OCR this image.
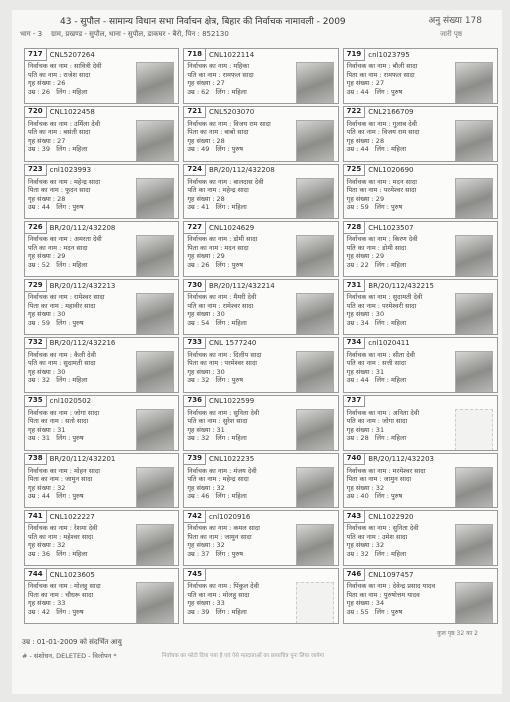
43 - सुपौल - सामान्य विधान सभा निर्वाचन क्षेत्र, बिहार की निर्वाचक नामावली - 2009	अनु संख्या 178
भाग - 3 ग्राम, प्रखण्ड - सुपौल, थाना - सुपौल, डाकघर - बैरो, पिन : 852130	जारी पृष्ठ
717	CNL5207264
निर्वाचक का नाम : सावित्री देवी
पति का नाम : राजेश सादा
गृह संख्या : 26
उम्र : 26 लिंग : महिला
718	CNL1022114
निर्वाचक का नाम : महिका
पति का नाम : रामफल सादा
गृह संख्या : 27
उम्र : 62 लिंग : महिला
719	cnl1023795
निर्वाचक का नाम : बौली सादा
पिता का नाम : रामफल सादा
गृह संख्या : 27
उम्र : 44 लिंग : पुरुष
720	CNL1022458
निर्वाचक का नाम : उर्मिला देवी
पति का नाम : बसंती सादा
गृह संख्या : 27
उम्र : 39 लिंग : महिला
721	CNL5203070
निर्वाचक का नाम : विजय राम सादा
पिता का नाम : बाबो सादा
गृह संख्या : 28
उम्र : 49 लिंग : पुरुष
722	CNL2166709
निर्वाचक का नाम : गुलाब देवी
पति का नाम : विजय राम सादा
गृह संख्या : 28
उम्र : 44 लिंग : महिला
723	cnl1023993
निर्वाचक का नाम : महेन्द्र सादा
पिता का नाम : फूदन सादा
गृह संख्या : 28
उम्र : 44 लिंग : पुरुष
724	BR/20/112/432208
निर्वाचक का नाम : बालदास देवी
पति का नाम : महेन्द्र सादा
गृह संख्या : 28
उम्र : 41 लिंग : महिला
725	CNL1020690
निर्वाचक का नाम : मदन सादा
पिता का नाम : परमेश्वर सादा
गृह संख्या : 29
उम्र : 59 लिंग : पुरुष
726	BR/20/112/432208
निर्वाचक का नाम : अमरता देवी
पति का नाम : मदन सादा
गृह संख्या : 29
उम्र : 52 लिंग : महिला
727	CNL1024629
निर्वाचक का नाम : डोमी सादा
पिता का नाम : मदन सादा
गृह संख्या : 29
उम्र : 26 लिंग : पुरुष
728	CHL1023507
निर्वाचक का नाम : किरण देवी
पति का नाम : डोमी सादा
गृह संख्या : 29
उम्र : 22 लिंग : महिला
729	BR/20/112/432213
निर्वाचक का नाम : रामेश्वर सादा
पिता का नाम : महावीर सादा
गृह संख्या : 30
उम्र : 59 लिंग : पुरुष
730	BR/20/112/432214
निर्वाचक का नाम : मैमरी देवी
पति का नाम : रामेश्वर सादा
गृह संख्या : 30
उम्र : 54 लिंग : महिला
731	BR/20/112/432215
निर्वाचक का नाम : सुदामती देवी
पति का नाम : परमेश्वरी सादा
गृह संख्या : 30
उम्र : 34 लिंग : महिला
732	BR/20/112/432216
निर्वाचक का नाम : कैली देवी
पति का नाम : सुदामती सादा
गृह संख्या : 30
उम्र : 32 लिंग : महिला
733	CNL 1577240
निर्वाचक का नाम : दिलीप सादा
पिता का नाम : परमेश्वर सादा
गृह संख्या : 30
उम्र : 32 लिंग : पुरुष
734	cnl1020411
निर्वाचक का नाम : सीता देवी
पति का नाम : सत्ती सादा
गृह संख्या : 31
उम्र : 44 लिंग : महिला
735	cnl1020502
निर्वाचक का नाम : जोगा सादा
पिता का नाम : सतो सादा
गृह संख्या : 31
उम्र : 31 लिंग : पुरुष
736	CNL1022599
निर्वाचक का नाम : सुनिता देवी
पति का नाम : सुरेश सादा
गृह संख्या : 31
उम्र : 32 लिंग : महिला
737
निर्वाचक का नाम : अनिता देवी
पति का नाम : जोगा सादा
गृह संख्या : 31
उम्र : 28 लिंग : महिला
738	BR/20/112/432201
निर्वाचक का नाम : मोहन सादा
पिता का नाम : जामुन सादा
गृह संख्या : 32
उम्र : 44 लिंग : पुरुष
739	CNL1022235
निर्वाचक का नाम : मंजय देवी
पति का नाम : महेन्द्र सादा
गृह संख्या : 32
उम्र : 46 लिंग : महिला
740	BR/20/112/432203
निर्वाचक का नाम : मरमेश्वर सादा
पिता का नाम : जामुन सादा
गृह संख्या : 32
उम्र : 40 लिंग : पुरुष
741	CNL1022227
निर्वाचक का नाम : रेशमा देवी
पति का नाम : महेश्वर सादा
गृह संख्या : 32
उम्र : 36 लिंग : महिला
742	cnl1020916
निर्वाचक का नाम : कमल सादा
पिता का नाम : जामुन सादा
गृह संख्या : 32
उम्र : 37 लिंग : पुरुष
743	CNL1022920
निर्वाचक का नाम : सुनिता देवी
पति का नाम : उमेश सादा
गृह संख्या : 32
उम्र : 32 लिंग : महिला
744	CNL1023605
निर्वाचक का नाम : मोलहु सादा
पिता का नाम : चौधरू सादा
गृह संख्या : 33
उम्र : 42 लिंग : पुरुष
745
निर्वाचक का नाम : पिंकुल देवी
पति का नाम : मोलहु सादा
गृह संख्या : 33
उम्र : 39 लिंग : महिला
746	CNL1097457
निर्वाचक का नाम : देवेन्द्र प्रसाद यादव
पिता का नाम : पुरुषोत्तम यादव
गृह संख्या : 34
उम्र : 55 लिंग : पुरुष
कुल पृष्ठ 32 का 2
उम्र : 01-01-2009 को संदर्भित आयु
# - संशोधन, DELETED - विलोपन *	निर्वाचक का फोटो दिया गया है एवं ऐसे मतदाताओं का छायाचित्र पुनः लिया जायेगा
